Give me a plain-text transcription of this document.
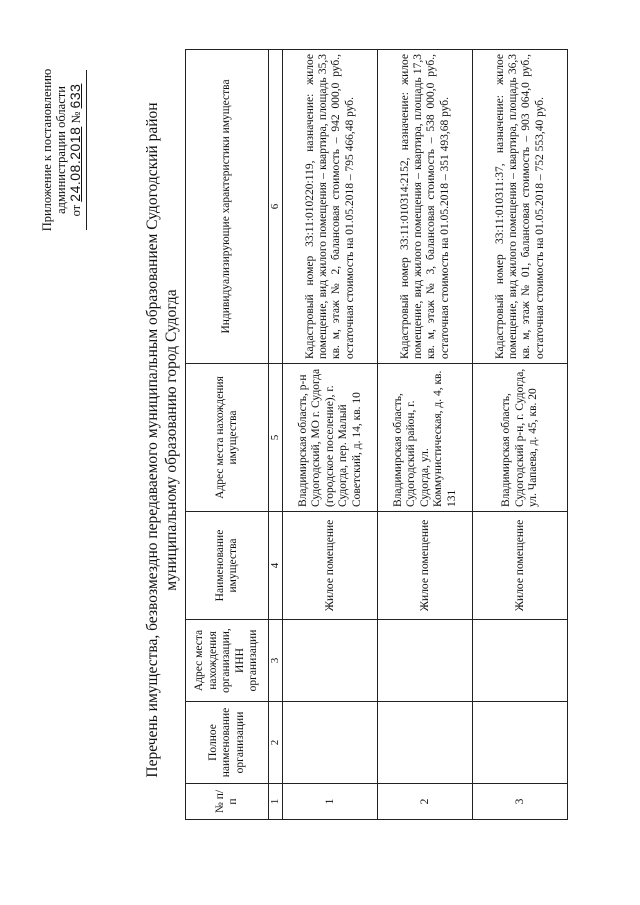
Приложение к постановлению администрации области от 24.08.2018 № 633
Перечень имущества, безвозмездно передаваемого муниципальным образованием Судогодский район муниципальному образованию город Судогда
№ п/п	Полное наименование организации	Адрес места нахождения организации, ИНН организации	Наименование имущества	Адрес места нахождения имущества	Индивидуализирующие характеристики имущества
1	2	3	4	5	6
1			Жилое помещение	Владимирская область, р-н Судогодский, МО г. Судогда (городское поселение), г. Судогда, пер. Малый Советский, д. 14, кв. 10	Кадастровый номер 33:11:010220:119, назначение: жилое помещение, вид жилого помещения – квартира, площадь 35,3 кв. м, этаж № 2, балансовая стоимость – 942 000,0 руб., остаточная стоимость на 01.05.2018 – 795 466,48 руб.
2			Жилое помещение	Владимирская область, Судогодский район, г. Судогда, ул. Коммунистическая, д. 4, кв. 131	Кадастровый номер 33:11:010314:2152, назначение: жилое помещение, вид жилого помещения – квартира, площадь 17,3 кв. м, этаж № 3, балансовая стоимость – 538 000,0 руб., остаточная стоимость на 01.05.2018 – 351 493,68 руб.
3			Жилое помещение	Владимирская область, Судогодский р-н, г. Судогда, ул. Чапаева, д. 45, кв. 20	Кадастровый номер 33:11:010311:37, назначение: жилое помещение, вид жилого помещения – квартира, площадь 36,3 кв. м, этаж № 01, балансовая стоимость – 903 064,0 руб., остаточная стоимость на 01.05.2018 – 752 553,40 руб.
